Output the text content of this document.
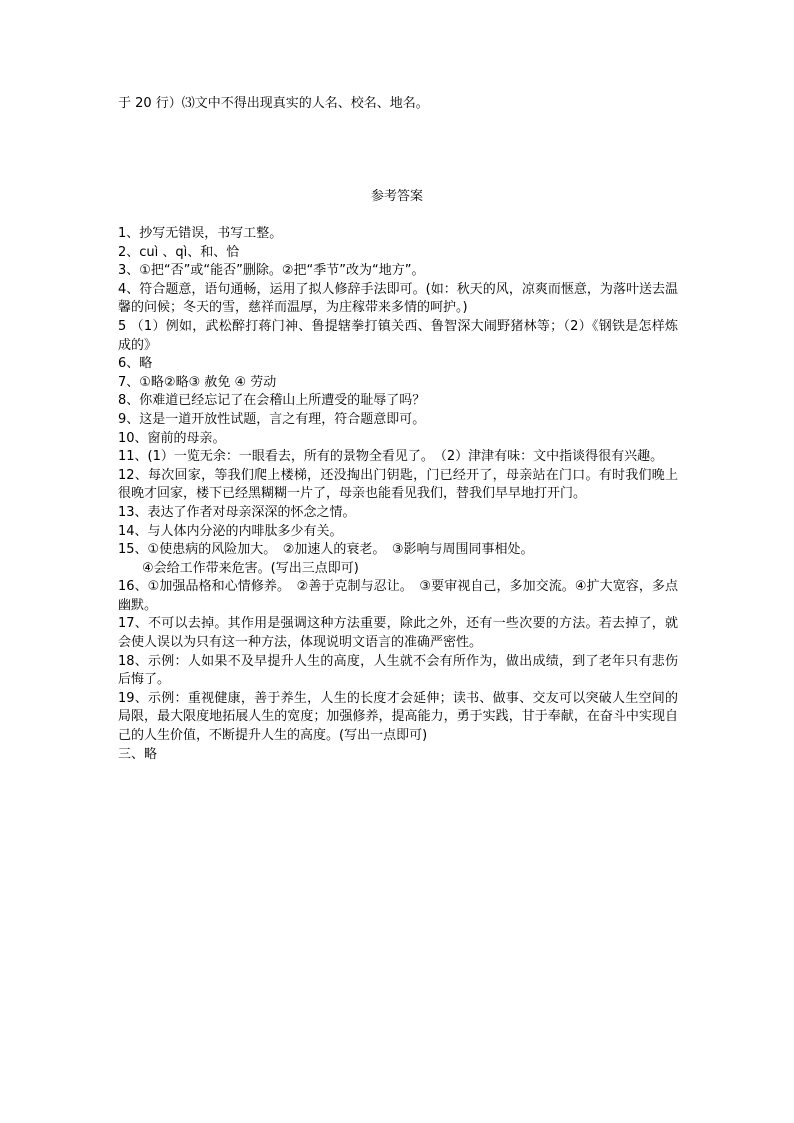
于 20 行）⑶文中不得出现真实的人名、校名、地名。
参考答案

1、抄写无错误，书写工整。

2、cuì 、qì、和、恰

3、①把“否”或“能否”删除。②把“季节”改为“地方”。

4、符合题意，语句通畅，运用了拟人修辞手法即可。(如：秋天的风，凉爽而惬意，为落叶送去温馨的问候；冬天的雪，慈祥而温厚，为庄稼带来多情的呵护。)

5 （1）例如，武松醉打蒋门神、鲁提辖拳打镇关西、鲁智深大闹野猪林等；（2）《钢铁是怎样炼成的》

6、略

7、①略②略③ 赦免 ④ 劳动

8、你难道已经忘记了在会稽山上所遭受的耻辱了吗？

9、这是一道开放性试题，言之有理，符合题意即可。

10、窗前的母亲。

11、(1）一览无余：一眼看去，所有的景物全看见了。　（2）津津有味：文中指谈得很有兴趣。

12、每次回家，等我们爬上楼梯，还没掏出门钥匙，门已经开了，母亲站在门口。有时我们晚上很晚才回家，楼下已经黑糊糊一片了，母亲也能看见我们，替我们早早地打开门。

13、表达了作者对母亲深深的怀念之情。

14、与人体内分泌的内啡肽多少有关。

15、①使患病的风险加大。　②加速人的衰老。　③影响与周围同事相处。

④会给工作带来危害。(写出三点即可)

16、①加强品格和心情修养。　②善于克制与忍让。　③要审视自己，多加交流。④扩大宽容，多点幽默。

17、不可以去掉。其作用是强调这种方法重要，除此之外，还有一些次要的方法。若去掉了，就会使人误以为只有这一种方法，体现说明文语言的准确严密性。

18、示例：人如果不及早提升人生的高度，人生就不会有所作为，做出成绩，到了老年只有悲伤后悔了。

19、示例：重视健康，善于养生，人生的长度才会延伸；读书、做事、交友可以突破人生空间的局限，最大限度地拓展人生的宽度；加强修养，提高能力，勇于实践，甘于奉献，在奋斗中实现自己的人生价值，不断提升人生的高度。(写出一点即可)

三、略
